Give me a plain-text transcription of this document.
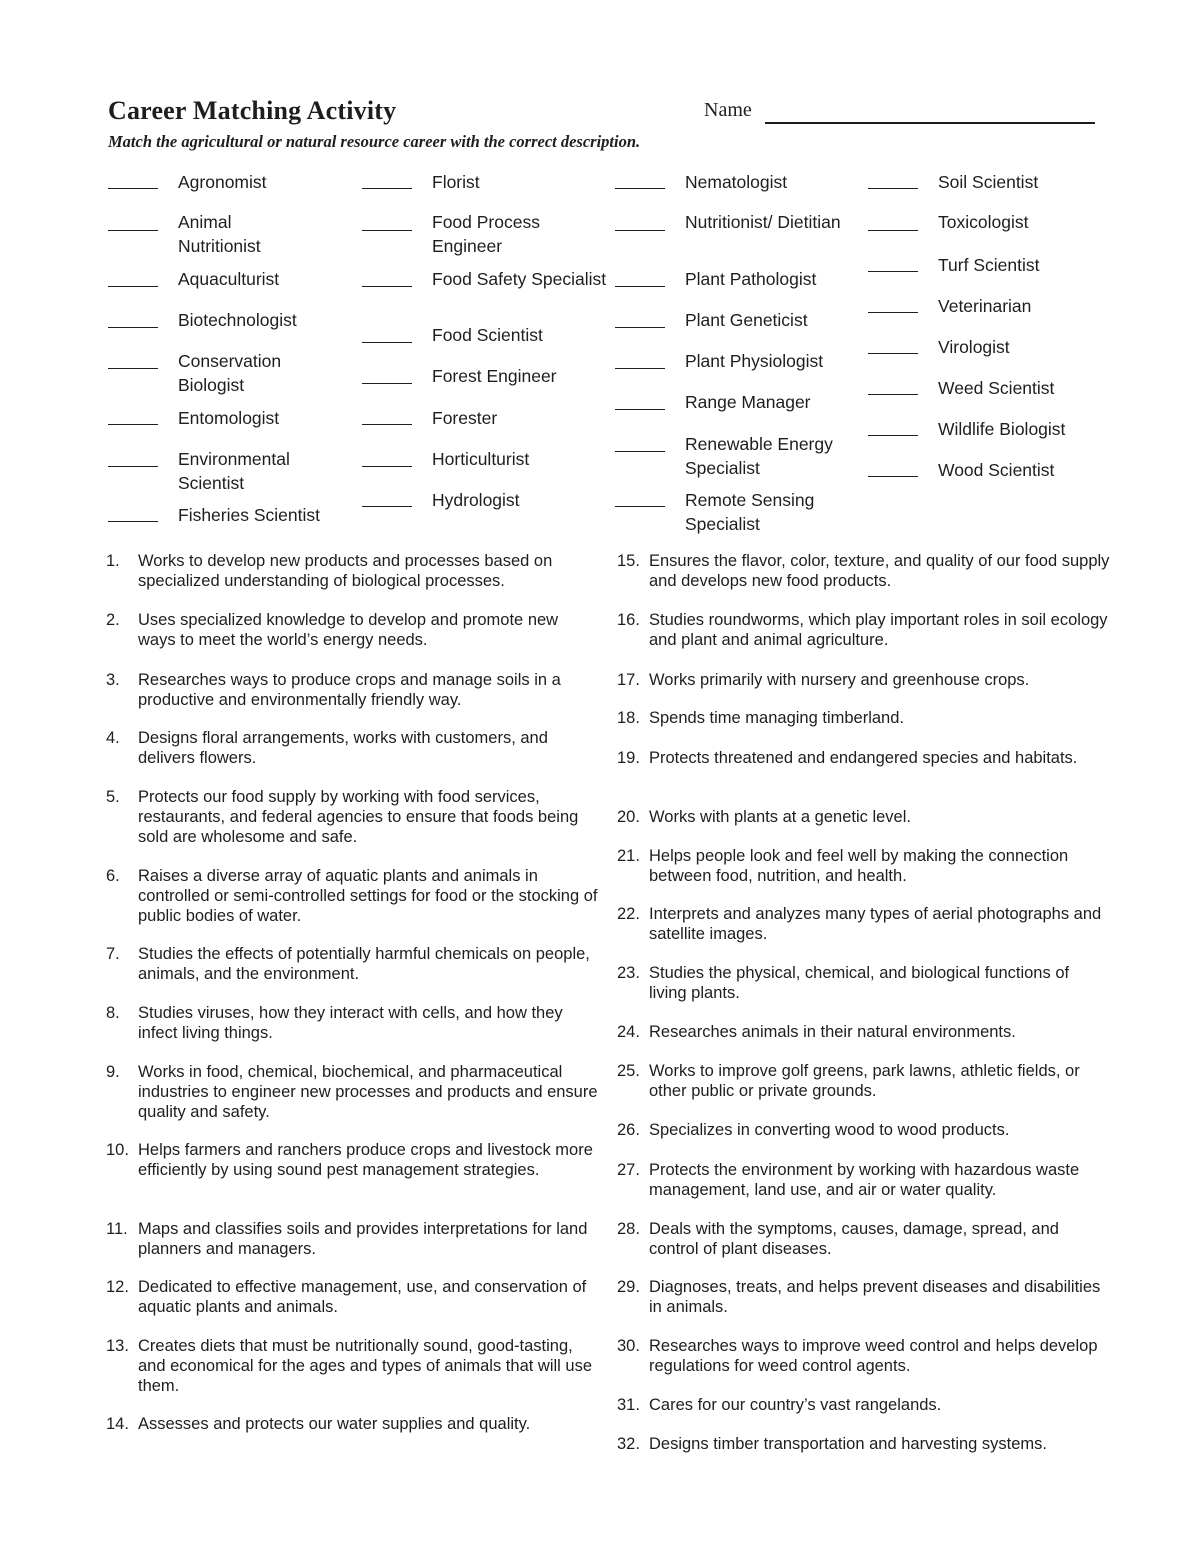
Career Matching Activity	Name
Match the agricultural or natural resource career with the correct description.
Agronomist
Animal Nutritionist
Aquaculturist
Biotechnologist
Conservation Biologist
Entomologist
Environmental Scientist
Fisheries Scientist
Florist
Food Process Engineer
Food Safety Specialist
Food Scientist
Forest Engineer
Forester
Horticulturist
Hydrologist
Nematologist
Nutritionist/ Dietitian
Plant Pathologist
Plant Geneticist
Plant Physiologist
Range Manager
Renewable Energy Specialist
Remote Sensing Specialist
Soil Scientist
Toxicologist
Turf Scientist
Veterinarian
Virologist
Weed Scientist
Wildlife Biologist
Wood Scientist
1.	Works to develop new products and processes based on specialized understanding of biological processes.
2.	Uses specialized knowledge to develop and promote new ways to meet the world’s energy needs.
3.	Researches ways to produce crops and manage soils in a productive and environmentally friendly way.
4.	Designs floral arrangements, works with customers, and delivers flowers.
5.	Protects our food supply by working with food services, restaurants, and federal agencies to ensure that foods being sold are wholesome and safe.
6.	Raises a diverse array of aquatic plants and animals in controlled or semi-controlled settings for food or the stocking of public bodies of water.
7.	Studies the effects of potentially harmful chemicals on people, animals, and the environment.
8.	Studies viruses, how they interact with cells, and how they infect living things.
9.	Works in food, chemical, biochemical, and pharmaceutical industries to engineer new processes and products and ensure quality and safety.
10. Helps farmers and ranchers produce crops and livestock more efficiently by using sound pest management strategies.
11. Maps and classifies soils and provides interpretations for land planners and managers.
12. Dedicated to effective management, use, and conservation of aquatic plants and animals.
13. Creates diets that must be nutritionally sound, good-tasting, and economical for the ages and types of animals that will use them.
14. Assesses and protects our water supplies and quality.
15. Ensures the flavor, color, texture, and quality of our food supply and develops new food products.
16. Studies roundworms, which play important roles in soil ecology and plant and animal agriculture.
17. Works primarily with nursery and greenhouse crops.
18. Spends time managing timberland.
19. Protects threatened and endangered species and habitats.
20. Works with plants at a genetic level.
21. Helps people look and feel well by making the connection between food, nutrition, and health.
22. Interprets and analyzes many types of aerial photographs and satellite images.
23. Studies the physical, chemical, and biological functions of living plants.
24. Researches animals in their natural environments.
25. Works to improve golf greens, park lawns, athletic fields, or other public or private grounds.
26. Specializes in converting wood to wood products.
27. Protects the environment by working with hazardous waste management, land use, and air or water quality.
28. Deals with the symptoms, causes, damage, spread, and control of plant diseases.
29. Diagnoses, treats, and helps prevent diseases and disabilities in animals.
30. Researches ways to improve weed control and helps develop regulations for weed control agents.
31. Cares for our country’s vast rangelands.
32. Designs timber transportation and harvesting systems.
